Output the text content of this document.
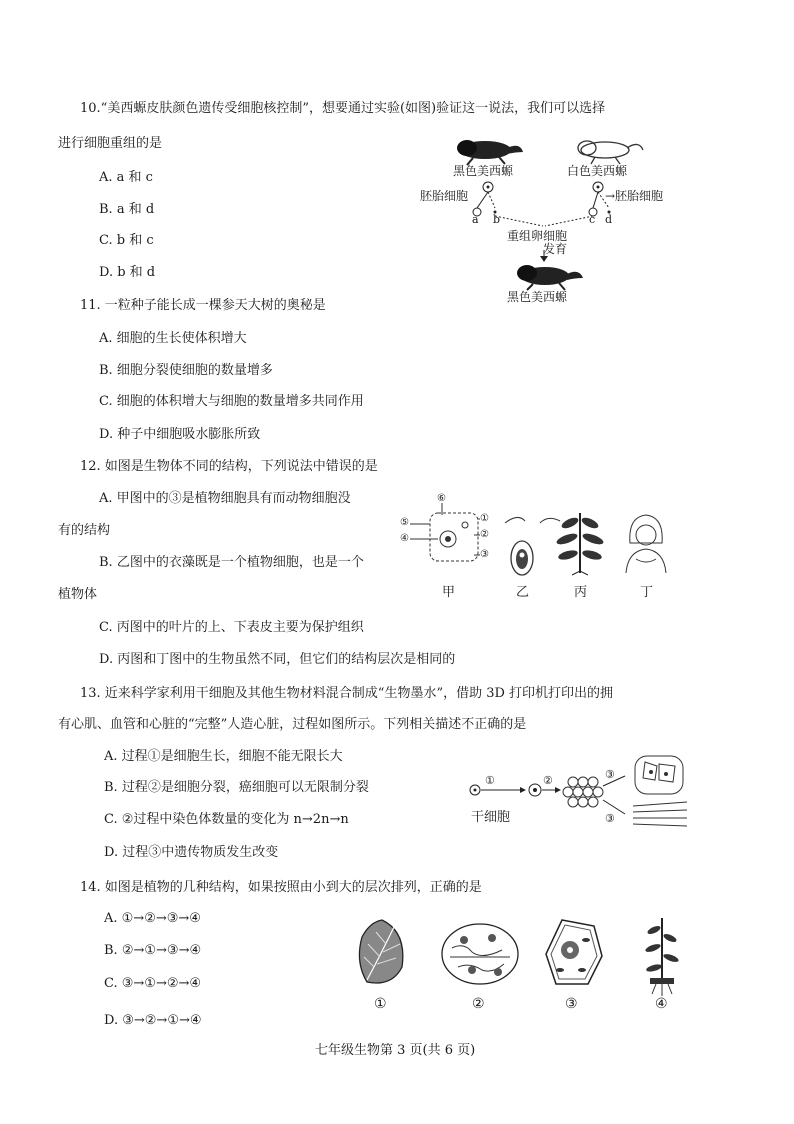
10.“美西螈皮肤颜色遗传受细胞核控制”，想要通过实验(如图)验证这一说法，我们可以选择
进行细胞重组的是
A. a 和 c
B. a 和 d
C. b 和 c
D. b 和 d
黑色美西螈	白色美西螈
胚胎细胞	→胚胎细胞
a b	c d
重组卵细胞
发育
黑色美西螈
11. 一粒种子能长成一棵参天大树的奥秘是
A. 细胞的生长使体积增大
B. 细胞分裂使细胞的数量增多
C. 细胞的体积增大与细胞的数量增多共同作用
D. 种子中细胞吸水膨胀所致
12. 如图是生物体不同的结构，下列说法中错误的是
A. 甲图中的③是植物细胞具有而动物细胞没
有的结构
B. 乙图中的衣藻既是一个植物细胞，也是一个
植物体
C. 丙图中的叶片的上、下表皮主要为保护组织
D. 丙图和丁图中的生物虽然不同，但它们的结构层次是相同的
⑥
⑤
④
①
②
③
甲	乙	丙	丁
13. 近来科学家利用干细胞及其他生物材料混合制成“生物墨水”，借助 3D 打印机打印出的拥
有心肌、血管和心脏的“完整”人造心脏，过程如图所示。下列相关描述不正确的是
A. 过程①是细胞生长，细胞不能无限长大
B. 过程②是细胞分裂，癌细胞可以无限制分裂
C. ②过程中染色体数量的变化为 n→2n→n
D. 过程③中遗传物质发生改变
①	②	③
③
干细胞
14. 如图是植物的几种结构，如果按照由小到大的层次排列，正确的是
A. ①→②→③→④
B. ②→①→③→④
C. ③→①→②→④
D. ③→②→①→④
①	②	③	④
七年级生物第 3 页(共 6 页)
